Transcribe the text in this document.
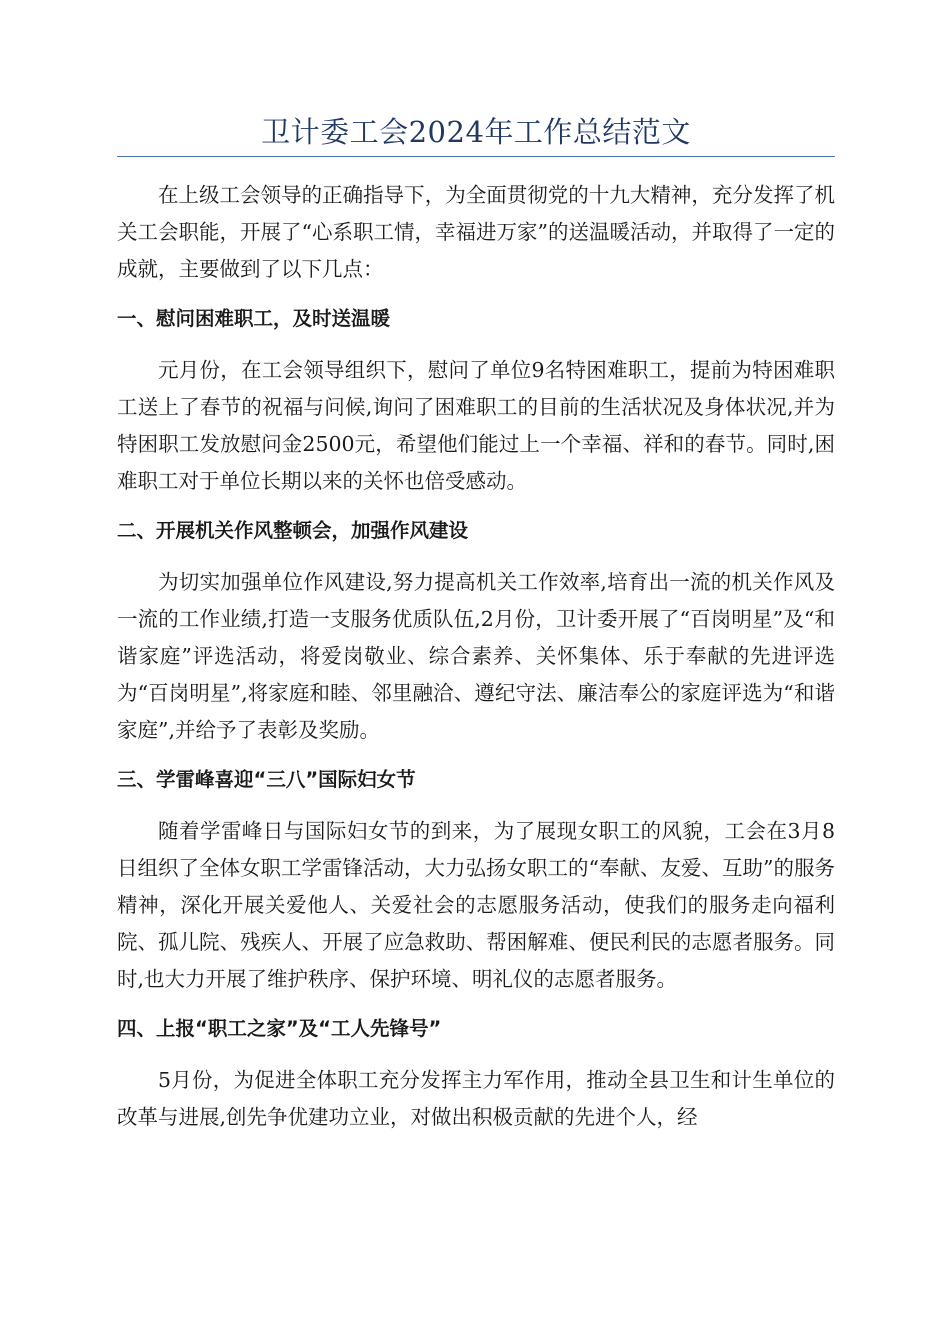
卫计委工会2024年工作总结范文

在上级工会领导的正确指导下，为全面贯彻党的十九大精神，充分发挥了机关工会职能，开展了“心系职工情，幸福进万家”的送温暖活动，并取得了一定的成就，主要做到了以下几点：

一、慰问困难职工，及时送温暖

元月份，在工会领导组织下，慰问了单位9名特困难职工，提前为特困难职工送上了春节的祝福与问候,询问了困难职工的目前的生活状况及身体状况,并为特困职工发放慰问金2500元，希望他们能过上一个幸福、祥和的春节。同时,困难职工对于单位长期以来的关怀也倍受感动。

二、开展机关作风整顿会，加强作风建设

为切实加强单位作风建设,努力提高机关工作效率,培育出一流的机关作风及一流的工作业绩,打造一支服务优质队伍,2月份，卫计委开展了“百岗明星”及“和谐家庭”评选活动，将爱岗敬业、综合素养、关怀集体、乐于奉献的先进评选为“百岗明星”,将家庭和睦、邻里融洽、遵纪守法、廉洁奉公的家庭评选为“和谐家庭”,并给予了表彰及奖励。

三、学雷峰喜迎“三八”国际妇女节

随着学雷峰日与国际妇女节的到来，为了展现女职工的风貌，工会在3月8日组织了全体女职工学雷锋活动，大力弘扬女职工的“奉献、友爱、互助”的服务精神，深化开展关爱他人、关爱社会的志愿服务活动，使我们的服务走向福利院、孤儿院、残疾人、开展了应急救助、帮困解难、便民利民的志愿者服务。同时,也大力开展了维护秩序、保护环境、明礼仪的志愿者服务。

四、上报“职工之家”及“工人先锋号”

5月份，为促进全体职工充分发挥主力军作用，推动全县卫生和计生单位的改革与进展,创先争优建功立业，对做出积极贡献的先进个人，经
